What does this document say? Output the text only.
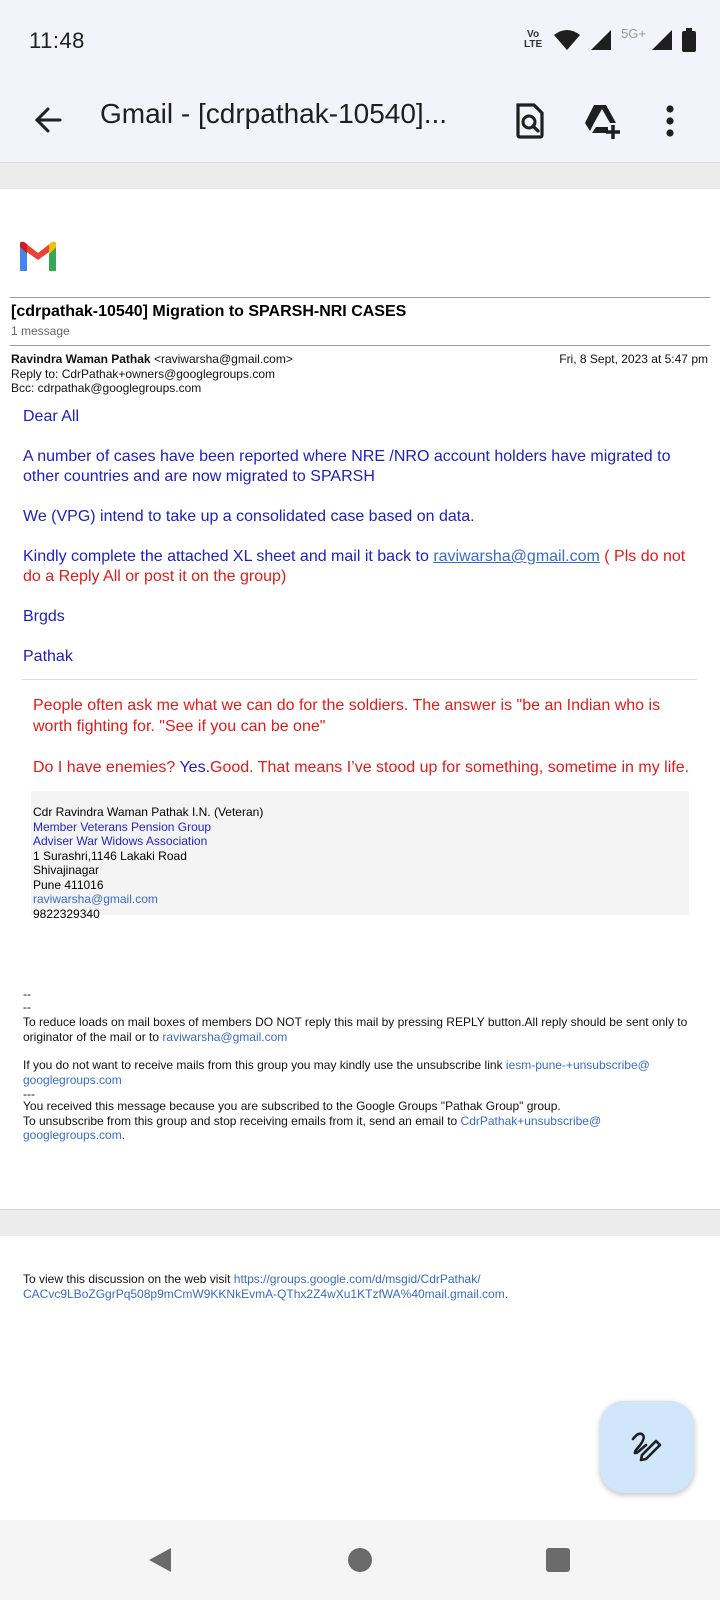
11:48	Vo
LTE
5G+
Gmail - [cdrpathak-10540]...
[cdrpathak-10540] Migration to SPARSH-NRI CASES
1 message
Ravindra Waman Pathak <raviwarsha@gmail.com>
Reply to: CdrPathak+owners@googlegroups.com
Bcc: cdrpathak@googlegroups.com
Fri, 8 Sept, 2023 at 5:47 pm
Dear All
A number of cases have been reported where NRE /NRO account holders have migrated to other countries and are now migrated to SPARSH
We (VPG) intend to take up a consolidated case based on data.
Kindly complete the attached XL sheet and mail it back to raviwarsha@gmail.com ( Pls do not do a Reply All or post it on the group)
Brgds
Pathak
People often ask me what we can do for the soldiers. The answer is "be an Indian who is worth fighting for. "See if you can be one"
Do I have enemies? Yes.Good. That means I’ve stood up for something, sometime in my life.
Cdr Ravindra Waman Pathak I.N. (Veteran)
Member Veterans Pension Group
Adviser War Widows Association
1 Surashri,1146 Lakaki Road
Shivajinagar
Pune 411016
raviwarsha@gmail.com
9822329340
--
--
To reduce loads on mail boxes of members DO NOT reply this mail by pressing REPLY button.All reply should be sent only to originator of the mail or to raviwarsha@gmail.com
If you do not want to receive mails from this group you may kindly use the unsubscribe link iesm-pune-+unsubscribe@ googlegroups.com
---
You received this message because you are subscribed to the Google Groups "Pathak Group" group.
To unsubscribe from this group and stop receiving emails from it, send an email to CdrPathak+unsubscribe@ googlegroups.com.
To view this discussion on the web visit https://groups.google.com/d/msgid/CdrPathak/ CACvc9LBoZGgrPq508p9mCmW9KKNkEvmA-QThx2Z4wXu1KTzfWA%40mail.gmail.com.
